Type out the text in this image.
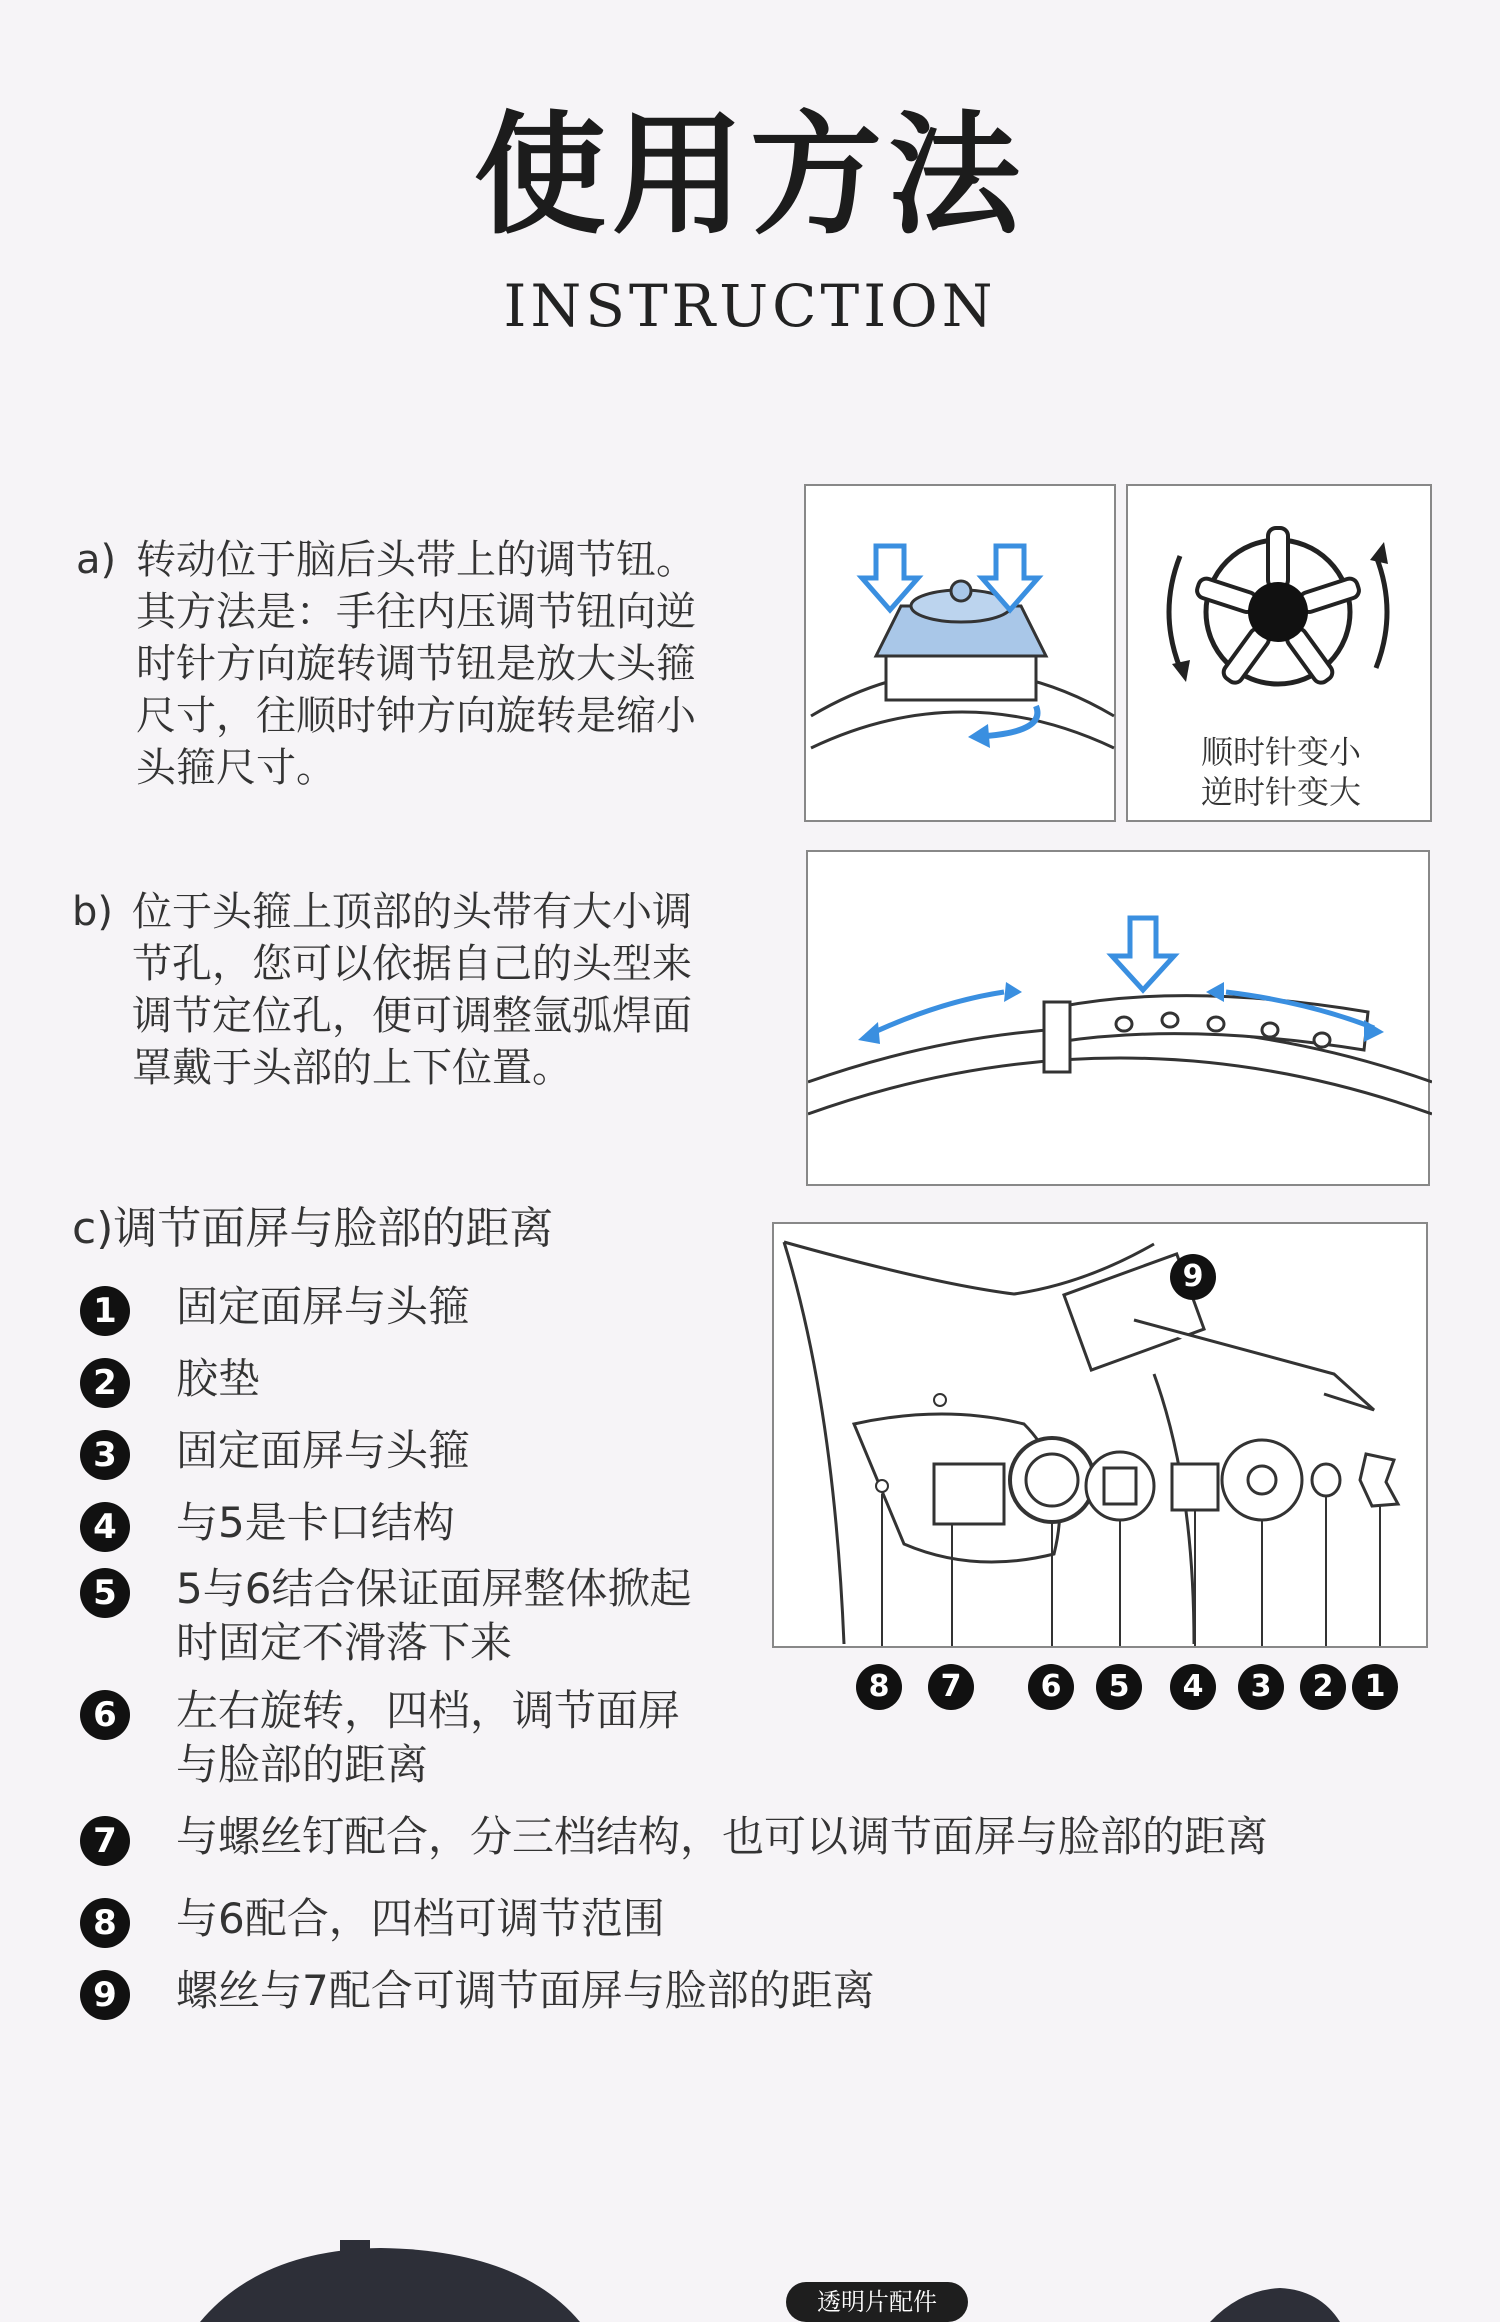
使用方法
INSTRUCTION
a) 转动位于脑后头带上的调节钮。
其方法是：手往内压调节钮向逆
时针方向旋转调节钮是放大头箍
尺寸，往顺时钟方向旋转是缩小
头箍尺寸。	顺时针变小
逆时针变大
b) 位于头箍上顶部的头带有大小调
节孔，您可以依据自己的头型来
调节定位孔，便可调整氩弧焊面
罩戴于头部的上下位置。
c)调节面屏与脸部的距离
9
8	7	6	5	4	3	2	1
1	固定面屏与头箍
2	胶垫
3	固定面屏与头箍
4	与5是卡口结构
5	5与6结合保证面屏整体掀起
时固定不滑落下来
6	左右旋转，四档，调节面屏
与脸部的距离
7	与螺丝钉配合，分三档结构，也可以调节面屏与脸部的距离
8	与6配合，四档可调节范围
9	螺丝与7配合可调节面屏与脸部的距离
透明片配件
